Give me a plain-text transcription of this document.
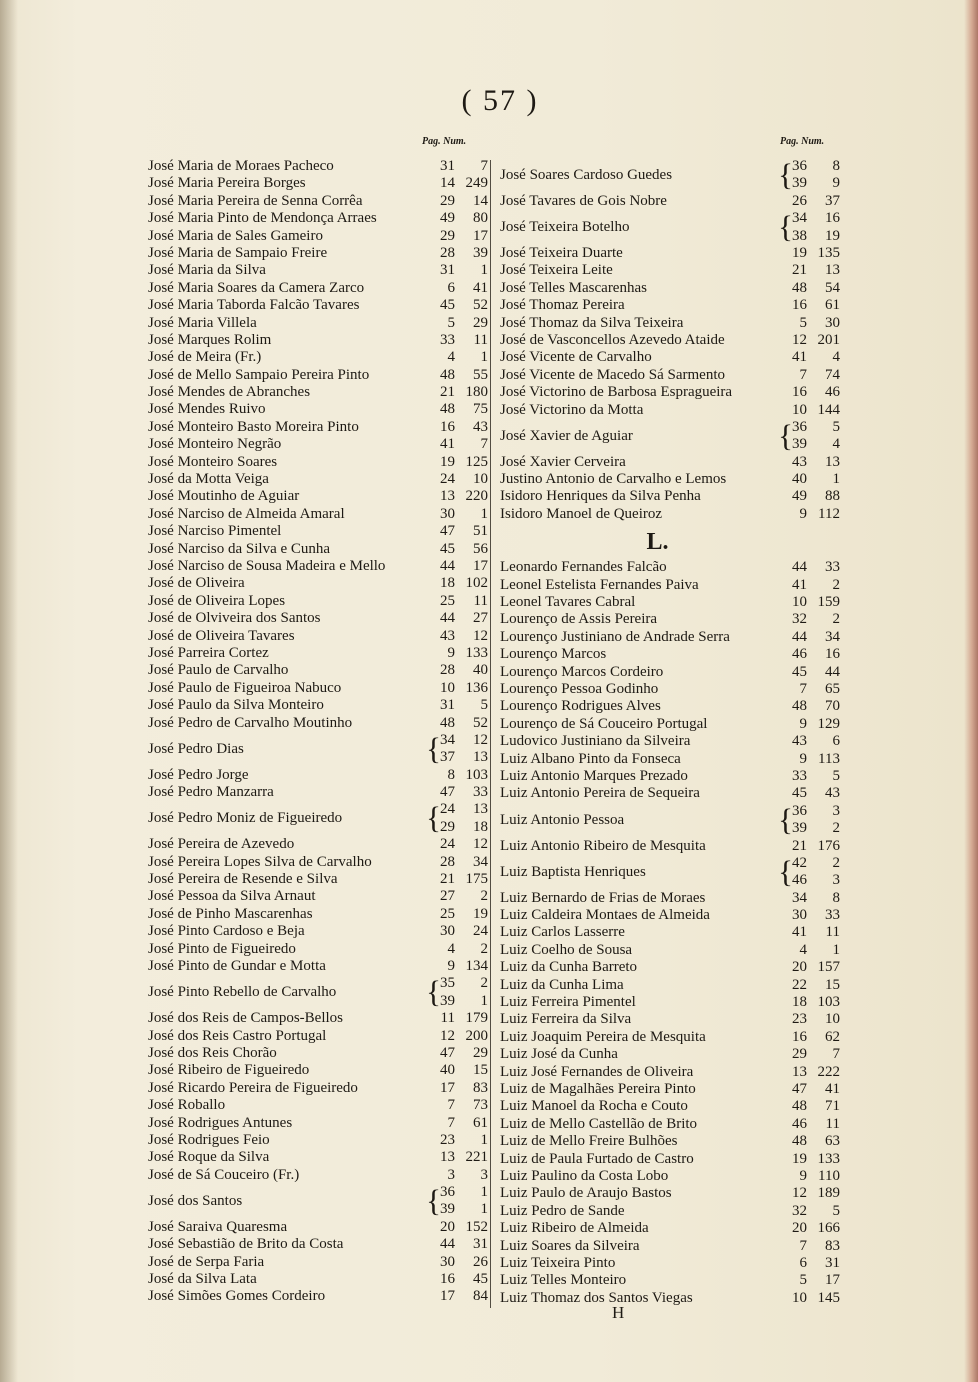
( 57 )
Pag. Num.	Pag. Num.
José Maria de Moraes Pacheco	31 7
José Maria Pereira Borges	14 249
José Maria Pereira de Senna Corrêa	29 14
José Maria Pinto de Mendonça Arraes	49 80
José Maria de Sales Gameiro	29 17
José Maria de Sampaio Freire	28 39
José Maria da Silva	31 1
José Maria Soares da Camera Zarco	6 41
José Maria Taborda Falcão Tavares	45 52
José Maria Villela	5 29
José Marques Rolim	33 11
José de Meira (Fr.)	4 1
José de Mello Sampaio Pereira Pinto	48 55
José Mendes de Abranches	21 180
José Mendes Ruivo	48 75
José Monteiro Basto Moreira Pinto	16 43
José Monteiro Negrão	41 7
José Monteiro Soares	19 125
José da Motta Veiga	24 10
José Moutinho de Aguiar	13 220
José Narciso de Almeida Amaral	30 1
José Narciso Pimentel	47 51
José Narciso da Silva e Cunha	45 56
José Narciso de Sousa Madeira e Mello	44 17
José de Oliveira	18 102
José de Oliveira Lopes	25 11
José de Olviveira dos Santos	44 27
José de Oliveira Tavares	43 12
José Parreira Cortez	9 133
José Paulo de Carvalho	28 40
José Paulo de Figueiroa Nabuco	10 136
José Paulo da Silva Monteiro	31 5
José Pedro de Carvalho Moutinho	48 52
José Pedro Dias	{ 34 12
37 13
José Pedro Jorge	8 103
José Pedro Manzarra	47 33
José Pedro Moniz de Figueiredo	{ 24 13
29 18
José Pereira de Azevedo	24 12
José Pereira Lopes Silva de Carvalho	28 34
José Pereira de Resende e Silva	21 175
José Pessoa da Silva Arnaut	27 2
José de Pinho Mascarenhas	25 19
José Pinto Cardoso e Beja	30 24
José Pinto de Figueiredo	4 2
José Pinto de Gundar e Motta	9 134
José Pinto Rebello de Carvalho	{ 35 2
39 1
José dos Reis de Campos-Bellos	11 179
José dos Reis Castro Portugal	12 200
José dos Reis Chorão	47 29
José Ribeiro de Figueiredo	40 15
José Ricardo Pereira de Figueiredo	17 83
José Roballo	7 73
José Rodrigues Antunes	7 61
José Rodrigues Feio	23 1
José Roque da Silva	13 221
José de Sá Couceiro (Fr.)	3 3
José dos Santos	{ 36 1
39 1
José Saraiva Quaresma	20 152
José Sebastião de Brito da Costa	44 31
José de Serpa Faria	30 26
José da Silva Lata	16 45
José Simões Gomes Cordeiro	17 84
José Soares Cardoso Guedes	{ 36 8
39 9
José Tavares de Gois Nobre	26 37
José Teixeira Botelho	{ 34 16
38 19
José Teixeira Duarte	19 135
José Teixeira Leite	21 13
José Telles Mascarenhas	48 54
José Thomaz Pereira	16 61
José Thomaz da Silva Teixeira	5 30
José de Vasconcellos Azevedo Ataide	12 201
José Vicente de Carvalho	41 4
José Vicente de Macedo Sá Sarmento	7 74
José Victorino de Barbosa Espragueira	16 46
José Victorino da Motta	10 144
José Xavier de Aguiar	{ 36 5
39 4
José Xavier Cerveira	43 13
Justino Antonio de Carvalho e Lemos	40 1
Isidoro Henriques da Silva Penha	49 88
Isidoro Manoel de Queiroz	9 112
L.
Leonardo Fernandes Falcão	44 33
Leonel Estelista Fernandes Paiva	41 2
Leonel Tavares Cabral	10 159
Lourenço de Assis Pereira	32 2
Lourenço Justiniano de Andrade Serra	44 34
Lourenço Marcos	46 16
Lourenço Marcos Cordeiro	45 44
Lourenço Pessoa Godinho	7 65
Lourenço Rodrigues Alves	48 70
Lourenço de Sá Couceiro Portugal	9 129
Ludovico Justiniano da Silveira	43 6
Luiz Albano Pinto da Fonseca	9 113
Luiz Antonio Marques Prezado	33 5
Luiz Antonio Pereira de Sequeira	45 43
Luiz Antonio Pessoa	{ 36 3
39 2
Luiz Antonio Ribeiro de Mesquita	21 176
Luiz Baptista Henriques	{ 42 2
46 3
Luiz Bernardo de Frias de Moraes	34 8
Luiz Caldeira Montaes de Almeida	30 33
Luiz Carlos Lasserre	41 11
Luiz Coelho de Sousa	4 1
Luiz da Cunha Barreto	20 157
Luiz da Cunha Lima	22 15
Luiz Ferreira Pimentel	18 103
Luiz Ferreira da Silva	23 10
Luiz Joaquim Pereira de Mesquita	16 62
Luiz José da Cunha	29 7
Luiz José Fernandes de Oliveira	13 222
Luiz de Magalhães Pereira Pinto	47 41
Luiz Manoel da Rocha e Couto	48 71
Luiz de Mello Castellão de Brito	46 11
Luiz de Mello Freire Bulhões	48 63
Luiz de Paula Furtado de Castro	19 133
Luiz Paulino da Costa Lobo	9 110
Luiz Paulo de Araujo Bastos	12 189
Luiz Pedro de Sande	32 5
Luiz Ribeiro de Almeida	20 166
Luiz Soares da Silveira	7 83
Luiz Teixeira Pinto	6 31
Luiz Telles Monteiro	5 17
Luiz Thomaz dos Santos Viegas	10 145
H
